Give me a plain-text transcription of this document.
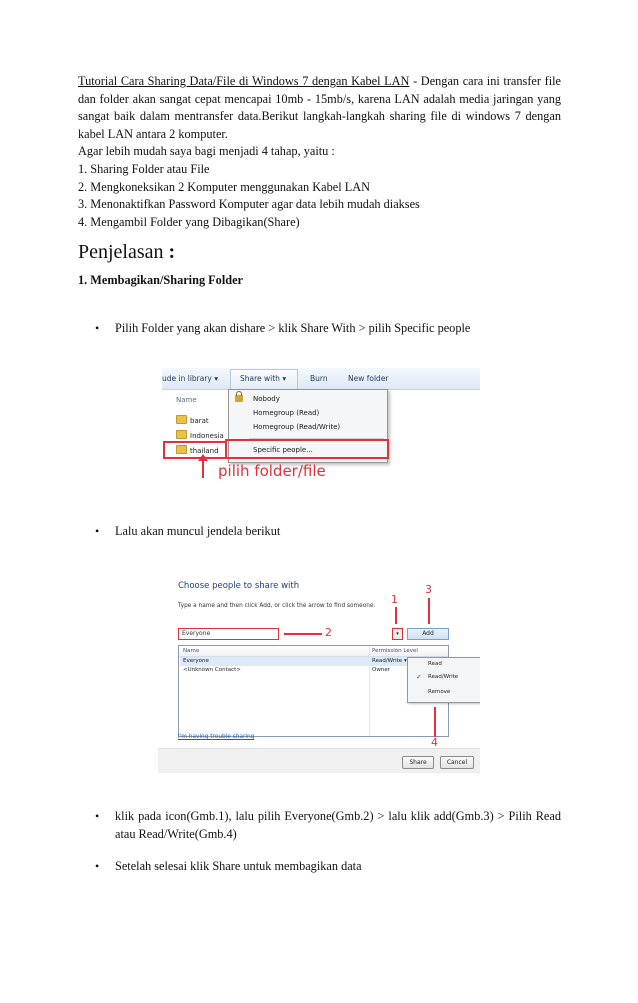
Tutorial Cara Sharing Data/File di Windows 7 dengan Kabel LAN - Dengan cara ini transfer file dan folder akan sangat cepat mencapai 10mb - 15mb/s, karena LAN adalah media jaringan yang sangat baik dalam mentransfer data.Berikut langkah-langkah sharing file di windows 7 dengan kabel LAN antara 2 komputer.
Agar lebih mudah saya bagi menjadi 4 tahap, yaitu :

1. Sharing Folder atau File
2. Mengkoneksikan 2 Komputer menggunakan Kabel LAN
3. Menonaktifkan Password Komputer agar data lebih mudah diakses
4. Mengambil Folder yang Dibagikan(Share)
Penjelasan :

1. Membagikan/Sharing Folder

• Pilih Folder yang akan dishare > klik Share With > pilih Specific people
ude in library ▾	Share with ▾	Burn	New folder
Name
barat
Indonesia
thailand
Nobody
Homegroup (Read)
Homegroup (Read/Write)
Specific people...
pilih folder/file
• Lalu akan muncul jendela berikut
Choose people to share with
Type a name and then click Add, or click the arrow to find someone.
Everyone	▾	Add
Name	Permission Level
Everyone	Read/Write ▾
<Unknown Contact>	Owner
Read
✓ Read/Write
Remove
I'm having trouble sharing
Share	Cancel
1
3
2
4
• klik pada icon(Gmb.1), lalu pilih Everyone(Gmb.2) > lalu klik add(Gmb.3) > Pilih Read atau Read/Write(Gmb.4)
• Setelah selesai klik Share untuk membagikan data
